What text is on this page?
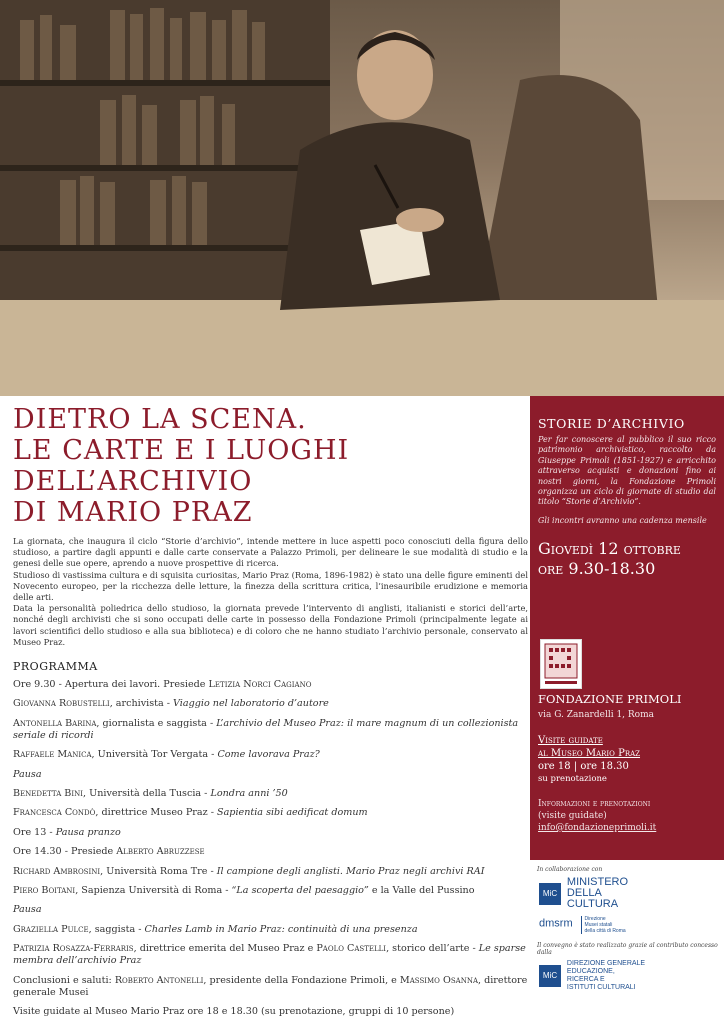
DIETRO LA SCENA.
LE CARTE E I LUOGHI DELL’ARCHIVIO
DI MARIO PRAZ

La giornata, che inaugura il ciclo “Storie d’archivio”, intende mettere in luce aspetti poco conosciuti della figura dello studioso, a partire dagli appunti e dalle carte conservate a Palazzo Primoli, per delineare le sue modalità di studio e la genesi delle sue opere, aprendo a nuove prospettive di ricerca.

Studioso di vastissima cultura e di squisita curiositas, Mario Praz (Roma, 1896-1982) è stato una delle figure eminenti del Novecento europeo, per la ricchezza delle letture, la finezza della scrittura critica, l’inesauribile erudizione e memoria delle arti.

Data la personalità poliedrica dello studioso, la giornata prevede l’intervento di anglisti, italianisti e storici dell’arte, nonché degli archivisti che si sono occupati delle carte in possesso della Fondazione Primoli (principalmente legate ai lavori scientifici dello studioso e alla sua biblioteca) e di coloro che ne hanno studiato l’archivio personale, conservato al Museo Praz.

PROGRAMMA
Ore 9.30 - Apertura dei lavori. Presiede Letizia Norci Cagiano
Giovanna Robustelli, archivista - Viaggio nel laboratorio d’autore
Antonella Barina, giornalista e saggista - L’archivio del Museo Praz: il mare magnum di un collezionista seriale di ricordi
Raffaele Manica, Università Tor Vergata - Come lavorava Praz?
Pausa
Benedetta Bini, Università della Tuscia - Londra anni ’50
Francesca Condò, direttrice Museo Praz - Sapientia sibi aedificat domum
Ore 13 - Pausa pranzo
Ore 14.30 - Presiede Alberto Abruzzese
Richard Ambrosini, Università Roma Tre - Il campione degli anglisti. Mario Praz negli archivi RAI
Piero Boitani, Sapienza Università di Roma - “La scoperta del paesaggio” e la Valle del Pussino
Pausa
Graziella Pulce, saggista - Charles Lamb in Mario Praz: continuità di una presenza
Patrizia Rosazza-Ferraris, direttrice emerita del Museo Praz e Paolo Castelli, storico dell’arte - Le sparse membra dell’archivio Praz
Conclusioni e saluti: Roberto Antonelli, presidente della Fondazione Primoli, e Massimo Osanna, direttore generale Musei
Visite guidate al Museo Mario Praz ore 18 e 18.30 (su prenotazione, gruppi di 10 persone)
STORIE D’ARCHIVIO
Per far conoscere al pubblico il suo ricco patrimonio archivistico, raccolto da Giuseppe Primoli (1851-1927) e arricchito attraverso acquisti e donazioni fino ai nostri giorni, la Fondazione Primoli organizza un ciclo di giornate di studio dal titolo “Storie d’Archivio”.
Gli incontri avranno una cadenza mensile
Giovedì 12 ottobre
ore 9.30-18.30
FONDAZIONE PRIMOLI
via G. Zanardelli 1, Roma
Visite guidate
al Museo Mario Praz
ore 18 | ore 18.30
su prenotazione
Informazioni e prenotazioni
(visite guidate)
info@fondazioneprimoli.it
In collaborazione con
MiC MINISTERO
DELLA
CULTURA
dmsrm Direzione
Musei statali
della città di Roma
Il convegno è stato realizzato grazie al contributo concesso dalla
MiC DIREZIONE GENERALE
EDUCAZIONE,
RICERCA E
ISTITUTI CULTURALI
